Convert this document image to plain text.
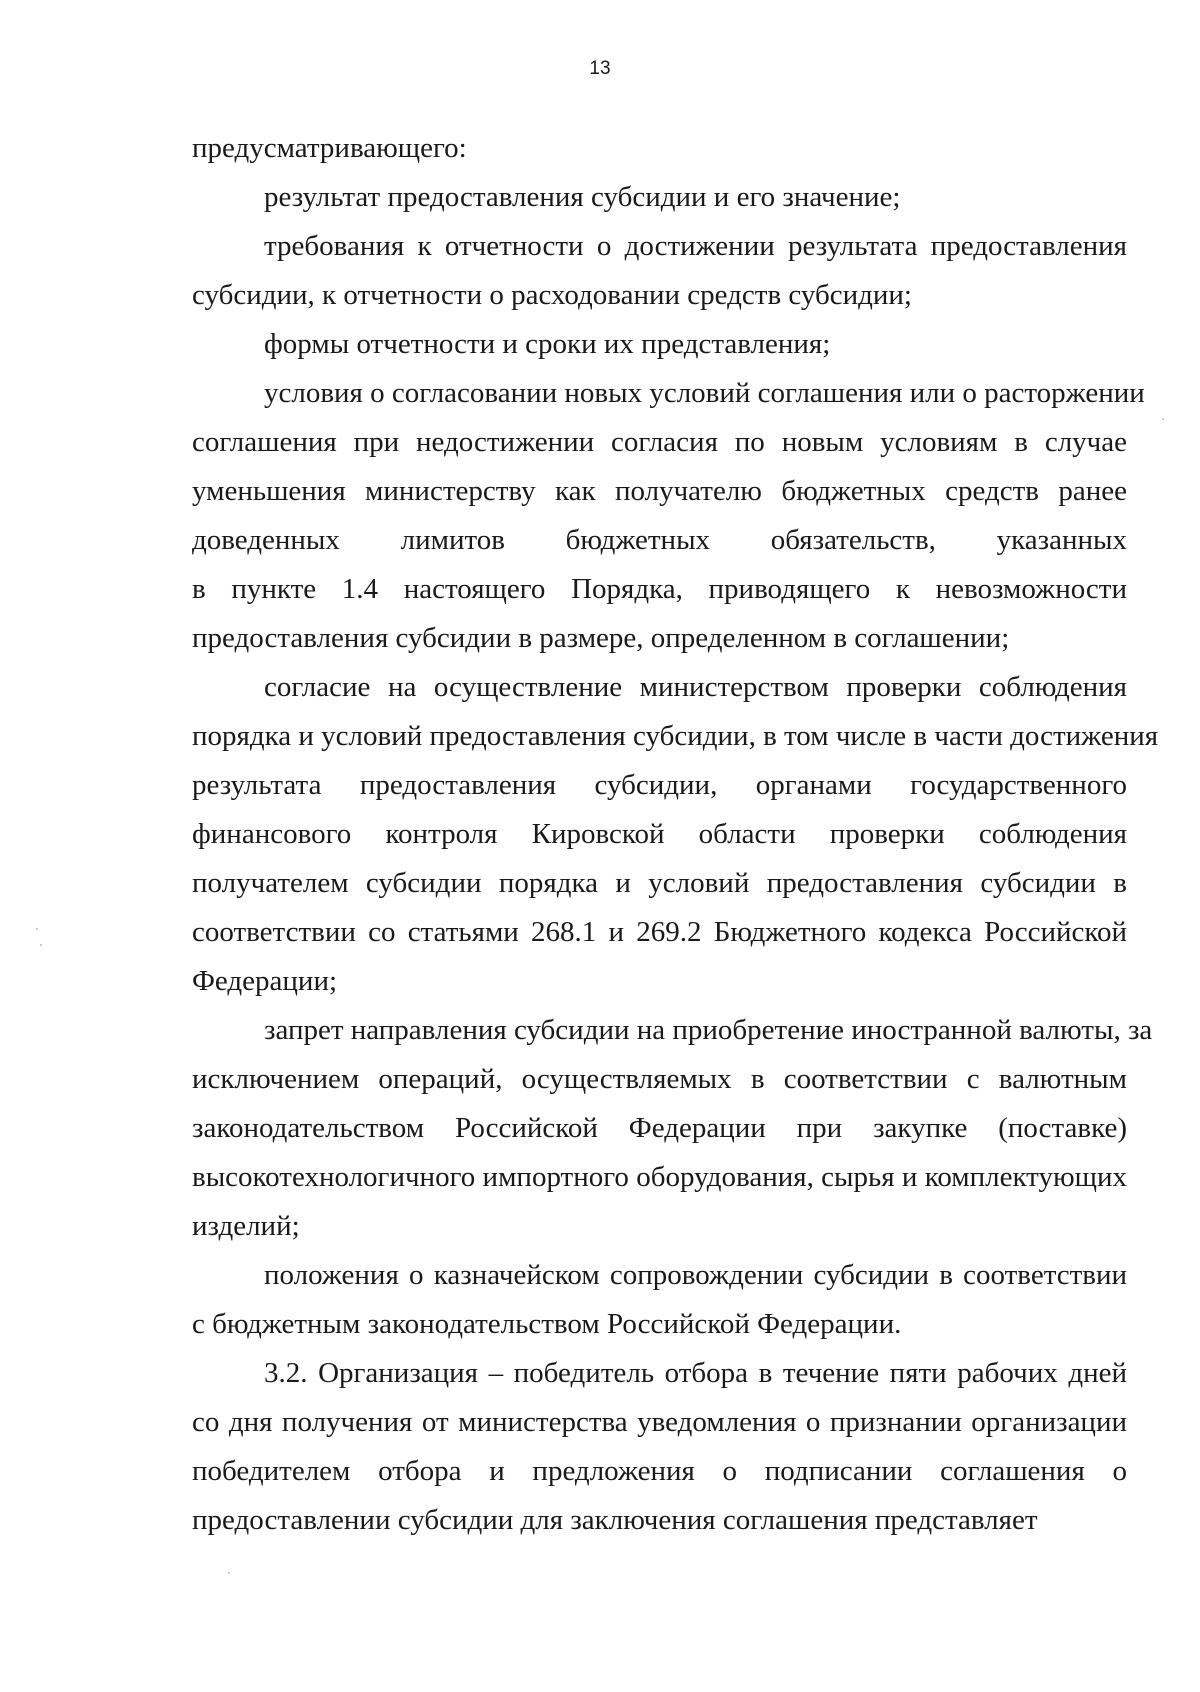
13
предусматривающего:
результат предоставления субсидии и его значение;
требования к отчетности о достижении результата предоставления
субсидии, к отчетности о расходовании средств субсидии;
формы отчетности и сроки их представления;
условия о согласовании новых условий соглашения или о расторжении
соглашения при недостижении согласия по новым условиям в случае
уменьшения министерству как получателю бюджетных средств ранее
доведенных лимитов бюджетных обязательств, указанных
в пункте 1.4 настоящего Порядка, приводящего к невозможности
предоставления субсидии в размере, определенном в соглашении;
согласие на осуществление министерством проверки соблюдения
порядка и условий предоставления субсидии, в том числе в части достижения
результата предоставления субсидии, органами государственного
финансового контроля Кировской области проверки соблюдения
получателем субсидии порядка и условий предоставления субсидии в
соответствии со статьями 268.1 и 269.2 Бюджетного кодекса Российской
Федерации;
запрет направления субсидии на приобретение иностранной валюты, за
исключением операций, осуществляемых в соответствии с валютным
законодательством Российской Федерации при закупке (поставке)
высокотехнологичного импортного оборудования, сырья и комплектующих
изделий;
положения о казначейском сопровождении субсидии в соответствии
с бюджетным законодательством Российской Федерации.
3.2. Организация – победитель отбора в течение пяти рабочих дней
со дня получения от министерства уведомления о признании организации
победителем отбора и предложения о подписании соглашения о
предоставлении субсидии для заключения соглашения представляет
